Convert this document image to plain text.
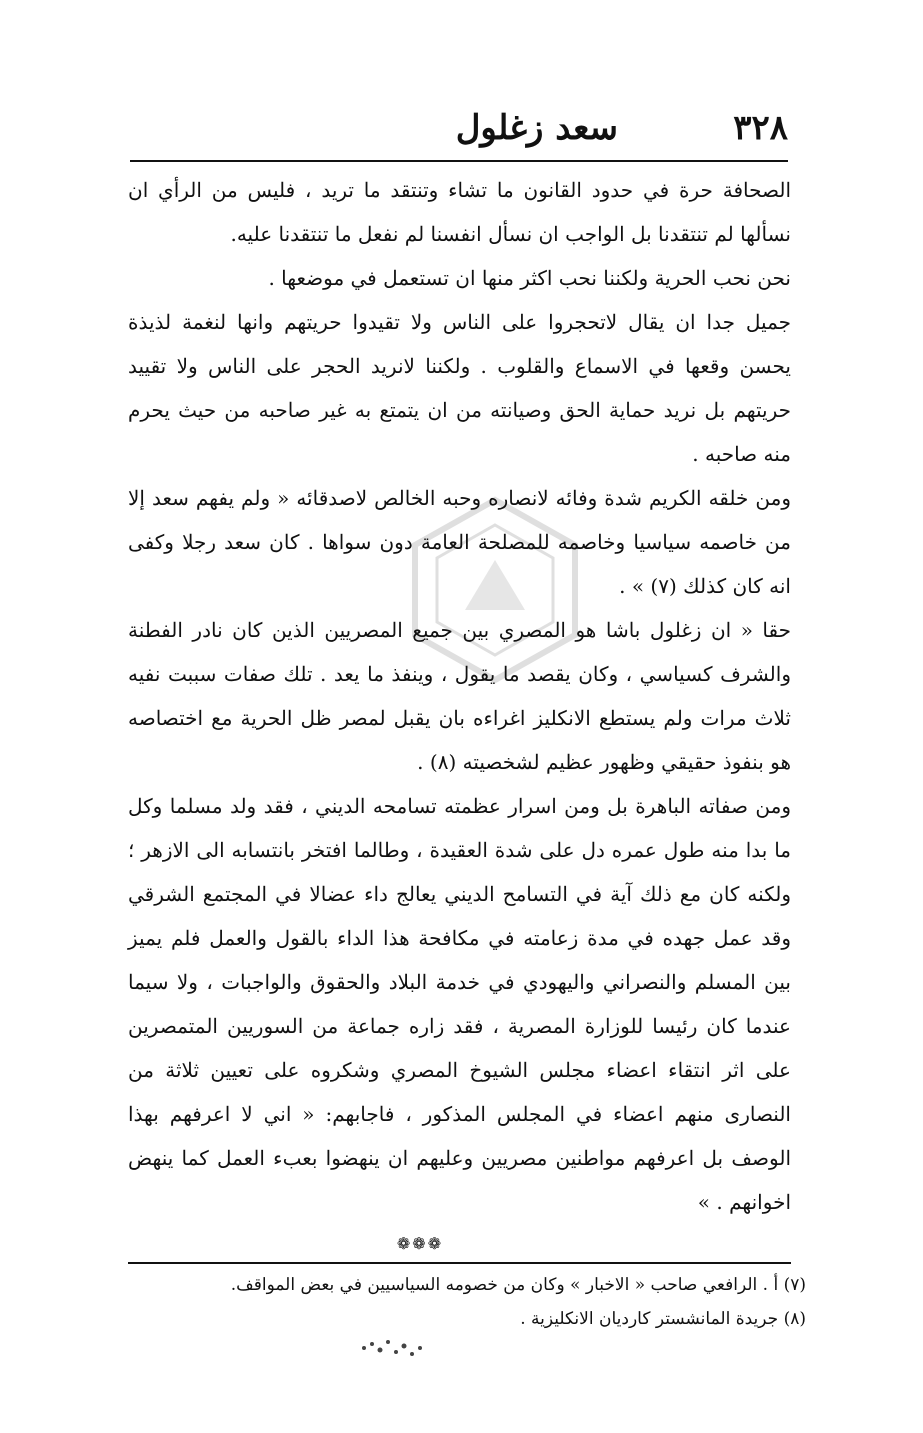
٣٢٨
سعد زغلول

الصحافة حرة في حدود القانون ما تشاء وتنتقد ما تريد ، فليس من الرأي ان نسألها لم تنتقدنا بل الواجب ان نسأل انفسنا لم نفعل ما تنتقدنا عليه.

نحن نحب الحرية ولكننا نحب اكثر منها ان تستعمل في موضعها .

جميل جدا ان يقال لاتحجروا على الناس ولا تقيدوا حريتهم وانها لنغمة لذيذة يحسن وقعها في الاسماع والقلوب . ولكننا لانريد الحجر على الناس ولا تقييد حريتهم بل نريد حماية الحق وصيانته من ان يتمتع به غير صاحبه من حيث يحرم منه صاحبه .

ومن خلقه الكريم شدة وفائه لانصاره وحبه الخالص لاصدقائه « ولم يفهم سعد إلا من خاصمه سياسيا وخاصمه للمصلحة العامة دون سواها . كان سعد رجلا وكفى انه كان كذلك (٧) » .

حقا « ان زغلول باشا هو المصري بين جميع المصريين الذين كان نادر الفطنة والشرف كسياسي ، وكان يقصد ما يقول ، وينفذ ما يعد . تلك صفات سببت نفيه ثلاث مرات ولم يستطع الانكليز اغراءه بان يقبل لمصر ظل الحرية مع اختصاصه هو بنفوذ حقيقي وظهور عظيم لشخصيته (٨) .

ومن صفاته الباهرة بل ومن اسرار عظمته تسامحه الديني ، فقد ولد مسلما وكل ما بدا منه طول عمره دل على شدة العقيدة ، وطالما افتخر بانتسابه الى الازهر ؛ ولكنه كان مع ذلك آية في التسامح الديني يعالج داء عضالا في المجتمع الشرقي وقد عمل جهده في مدة زعامته في مكافحة هذا الداء بالقول والعمل فلم يميز بين المسلم والنصراني واليهودي في خدمة البلاد والحقوق والواجبات ، ولا سيما عندما كان رئيسا للوزارة المصرية ، فقد زاره جماعة من السوريين المتمصرين على اثر انتقاء اعضاء مجلس الشيوخ المصري وشكروه على تعيين ثلاثة من النصارى منهم اعضاء في المجلس المذكور ، فاجابهم: « اني لا اعرفهم بهذا الوصف بل اعرفهم مواطنين مصريين وعليهم ان ينهضوا بعبء العمل كما ينهض اخوانهم . »

❁❁❁

(٧) أ . الرافعي صاحب « الاخبار » وكان من خصومه السياسيين في بعض المواقف.

(٨) جريدة المانشستر كارديان الانكليزية .
